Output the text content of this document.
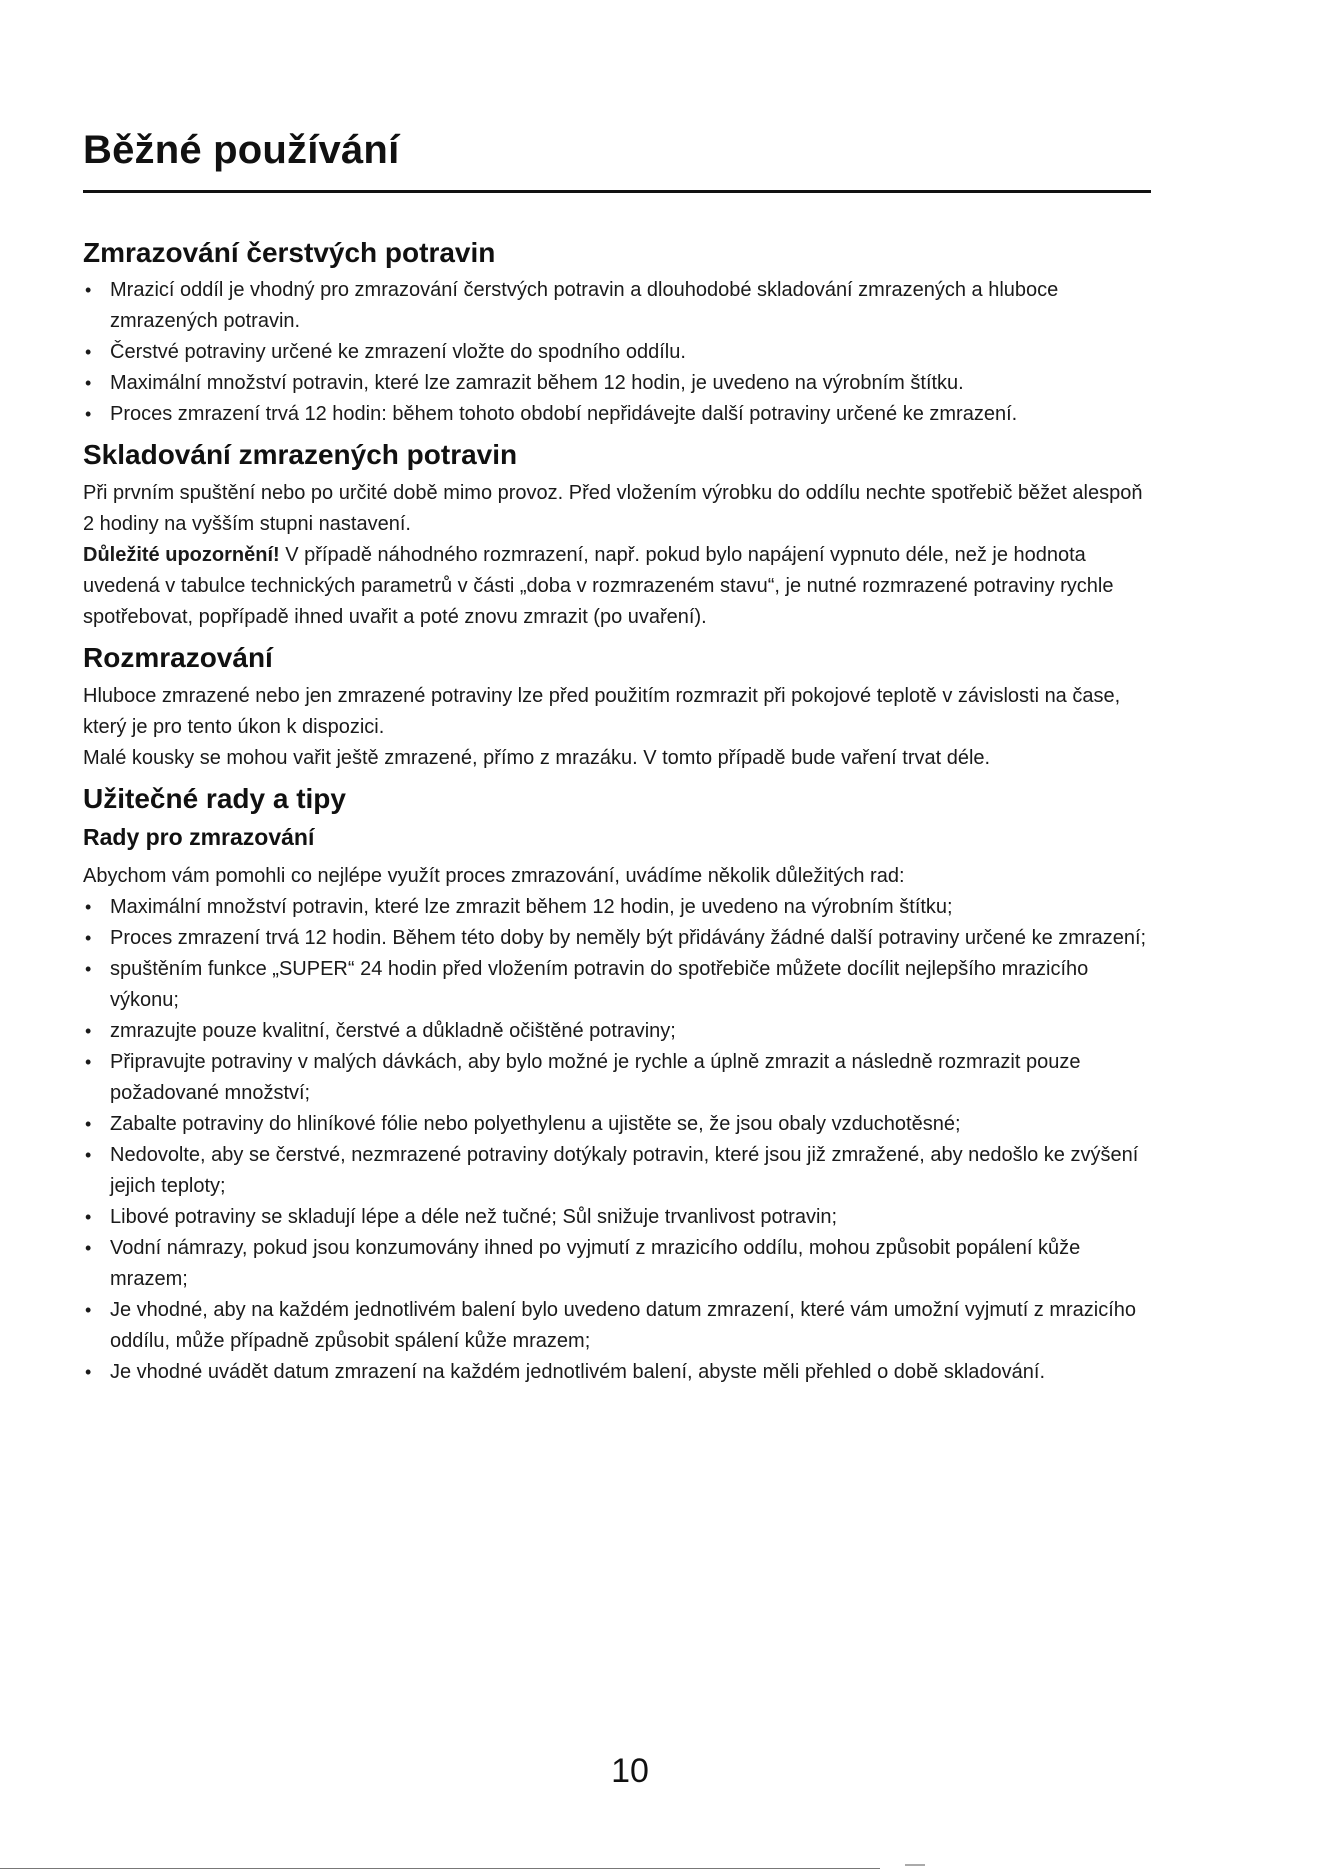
Běžné používání
Zmrazování čerstvých potravin
• Mrazicí oddíl je vhodný pro zmrazování čerstvých potravin a dlouhodobé skladování zmrazených a hluboce zmrazených potravin.
• Čerstvé potraviny určené ke zmrazení vložte do spodního oddílu.
• Maximální množství potravin, které lze zamrazit během 12 hodin, je uvedeno na výrobním štítku.
• Proces zmrazení trvá 12 hodin: během tohoto období nepřidávejte další potraviny určené ke zmrazení.
Skladování zmrazených potravin

Při prvním spuštění nebo po určité době mimo provoz. Před vložením výrobku do oddílu nechte spotřebič běžet alespoň 2 hodiny na vyšším stupni nastavení.

Důležité upozornění! V případě náhodného rozmrazení, např. pokud bylo napájení vypnuto déle, než je hodnota uvedená v tabulce technických parametrů v části „doba v rozmrazeném stavu“, je nutné rozmrazené potraviny rychle spotřebovat, popřípadě ihned uvařit a poté znovu zmrazit (po uvaření).

Rozmrazování

Hluboce zmrazené nebo jen zmrazené potraviny lze před použitím rozmrazit při pokojové teplotě v závislosti na čase, který je pro tento úkon k dispozici.

Malé kousky se mohou vařit ještě zmrazené, přímo z mrazáku. V tomto případě bude vaření trvat déle.

Užitečné rady a tipy
Rady pro zmrazování

Abychom vám pomohli co nejlépe využít proces zmrazování, uvádíme několik důležitých rad:

• Maximální množství potravin, které lze zmrazit během 12 hodin, je uvedeno na výrobním štítku;
• Proces zmrazení trvá 12 hodin. Během této doby by neměly být přidávány žádné další potraviny určené ke zmrazení;
• spuštěním funkce „SUPER“ 24 hodin před vložením potravin do spotřebiče můžete docílit nejlepšího mrazicího výkonu;
• zmrazujte pouze kvalitní, čerstvé a důkladně očištěné potraviny;
• Připravujte potraviny v malých dávkách, aby bylo možné je rychle a úplně zmrazit a následně rozmrazit pouze požadované množství;
• Zabalte potraviny do hliníkové fólie nebo polyethylenu a ujistěte se, že jsou obaly vzduchotěsné;
• Nedovolte, aby se čerstvé, nezmrazené potraviny dotýkaly potravin, které jsou již zmražené, aby nedošlo ke zvýšení jejich teploty;
• Libové potraviny se skladují lépe a déle než tučné; Sůl snižuje trvanlivost potravin;
• Vodní námrazy, pokud jsou konzumovány ihned po vyjmutí z mrazicího oddílu, mohou způsobit popálení kůže mrazem;
• Je vhodné, aby na každém jednotlivém balení bylo uvedeno datum zmrazení, které vám umožní vyjmutí z mrazicího oddílu, může případně způsobit spálení kůže mrazem;
• Je vhodné uvádět datum zmrazení na každém jednotlivém balení, abyste měli přehled o době skladování.
10
